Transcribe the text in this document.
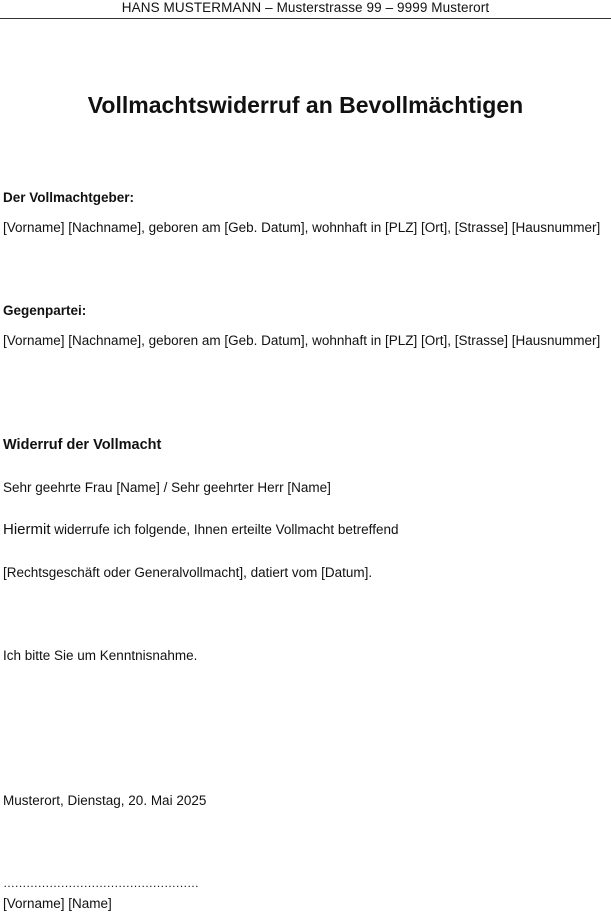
HANS MUSTERMANN – Musterstrasse 99 – 9999 Musterort
Vollmachtswiderruf an Bevollmächtigen
Der Vollmachtgeber:
[Vorname] [Nachname], geboren am [Geb. Datum], wohnhaft in [PLZ] [Ort], [Strasse] [Hausnummer]
Gegenpartei:
[Vorname] [Nachname], geboren am [Geb. Datum], wohnhaft in [PLZ] [Ort], [Strasse] [Hausnummer]
Widerruf der Vollmacht
Sehr geehrte Frau [Name] / Sehr geehrter Herr [Name]
Hiermit widerrufe ich folgende, Ihnen erteilte Vollmacht betreffend
[Rechtsgeschäft oder Generalvollmacht], datiert vom [Datum].
Ich bitte Sie um Kenntnisnahme.
Musterort, Dienstag, 20. Mai 2025
……………………………………………
[Vorname] [Name]
